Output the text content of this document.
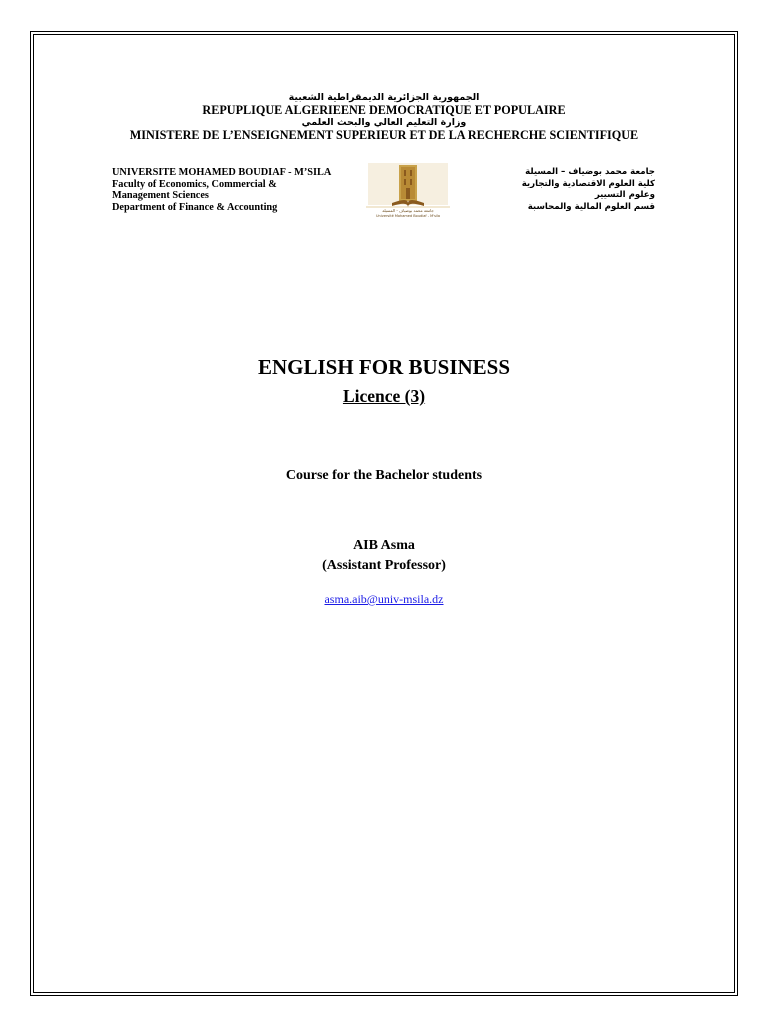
الجمهورية الجزائرية الديمقراطية الشعبية
REPUPLIQUE ALGERIEENE DEMOCRATIQUE ET POPULAIRE
وزارة التعليم العالي والبحث العلمي
MINISTERE DE L’ENSEIGNEMENT SUPERIEUR ET DE LA RECHERCHE SCIENTIFIQUE
UNIVERSITE MOHAMED BOUDIAF - M’SILA
Faculty of Economics, Commercial &
Management Sciences
Department of Finance & Accounting	جامعة محمد بوضياف - المسيلة
Université Mohamed Boudiaf - M'sila
جامعة محمد بوضياف – المسيلة
كلية العلوم الاقتصادية والتجارية
وعلوم التسيير
قسم العلوم المالية والمحاسبة
ENGLISH FOR BUSINESS
Licence (3)
Course for the Bachelor students
AIB Asma
(Assistant Professor)
asma.aib@univ-msila.dz
